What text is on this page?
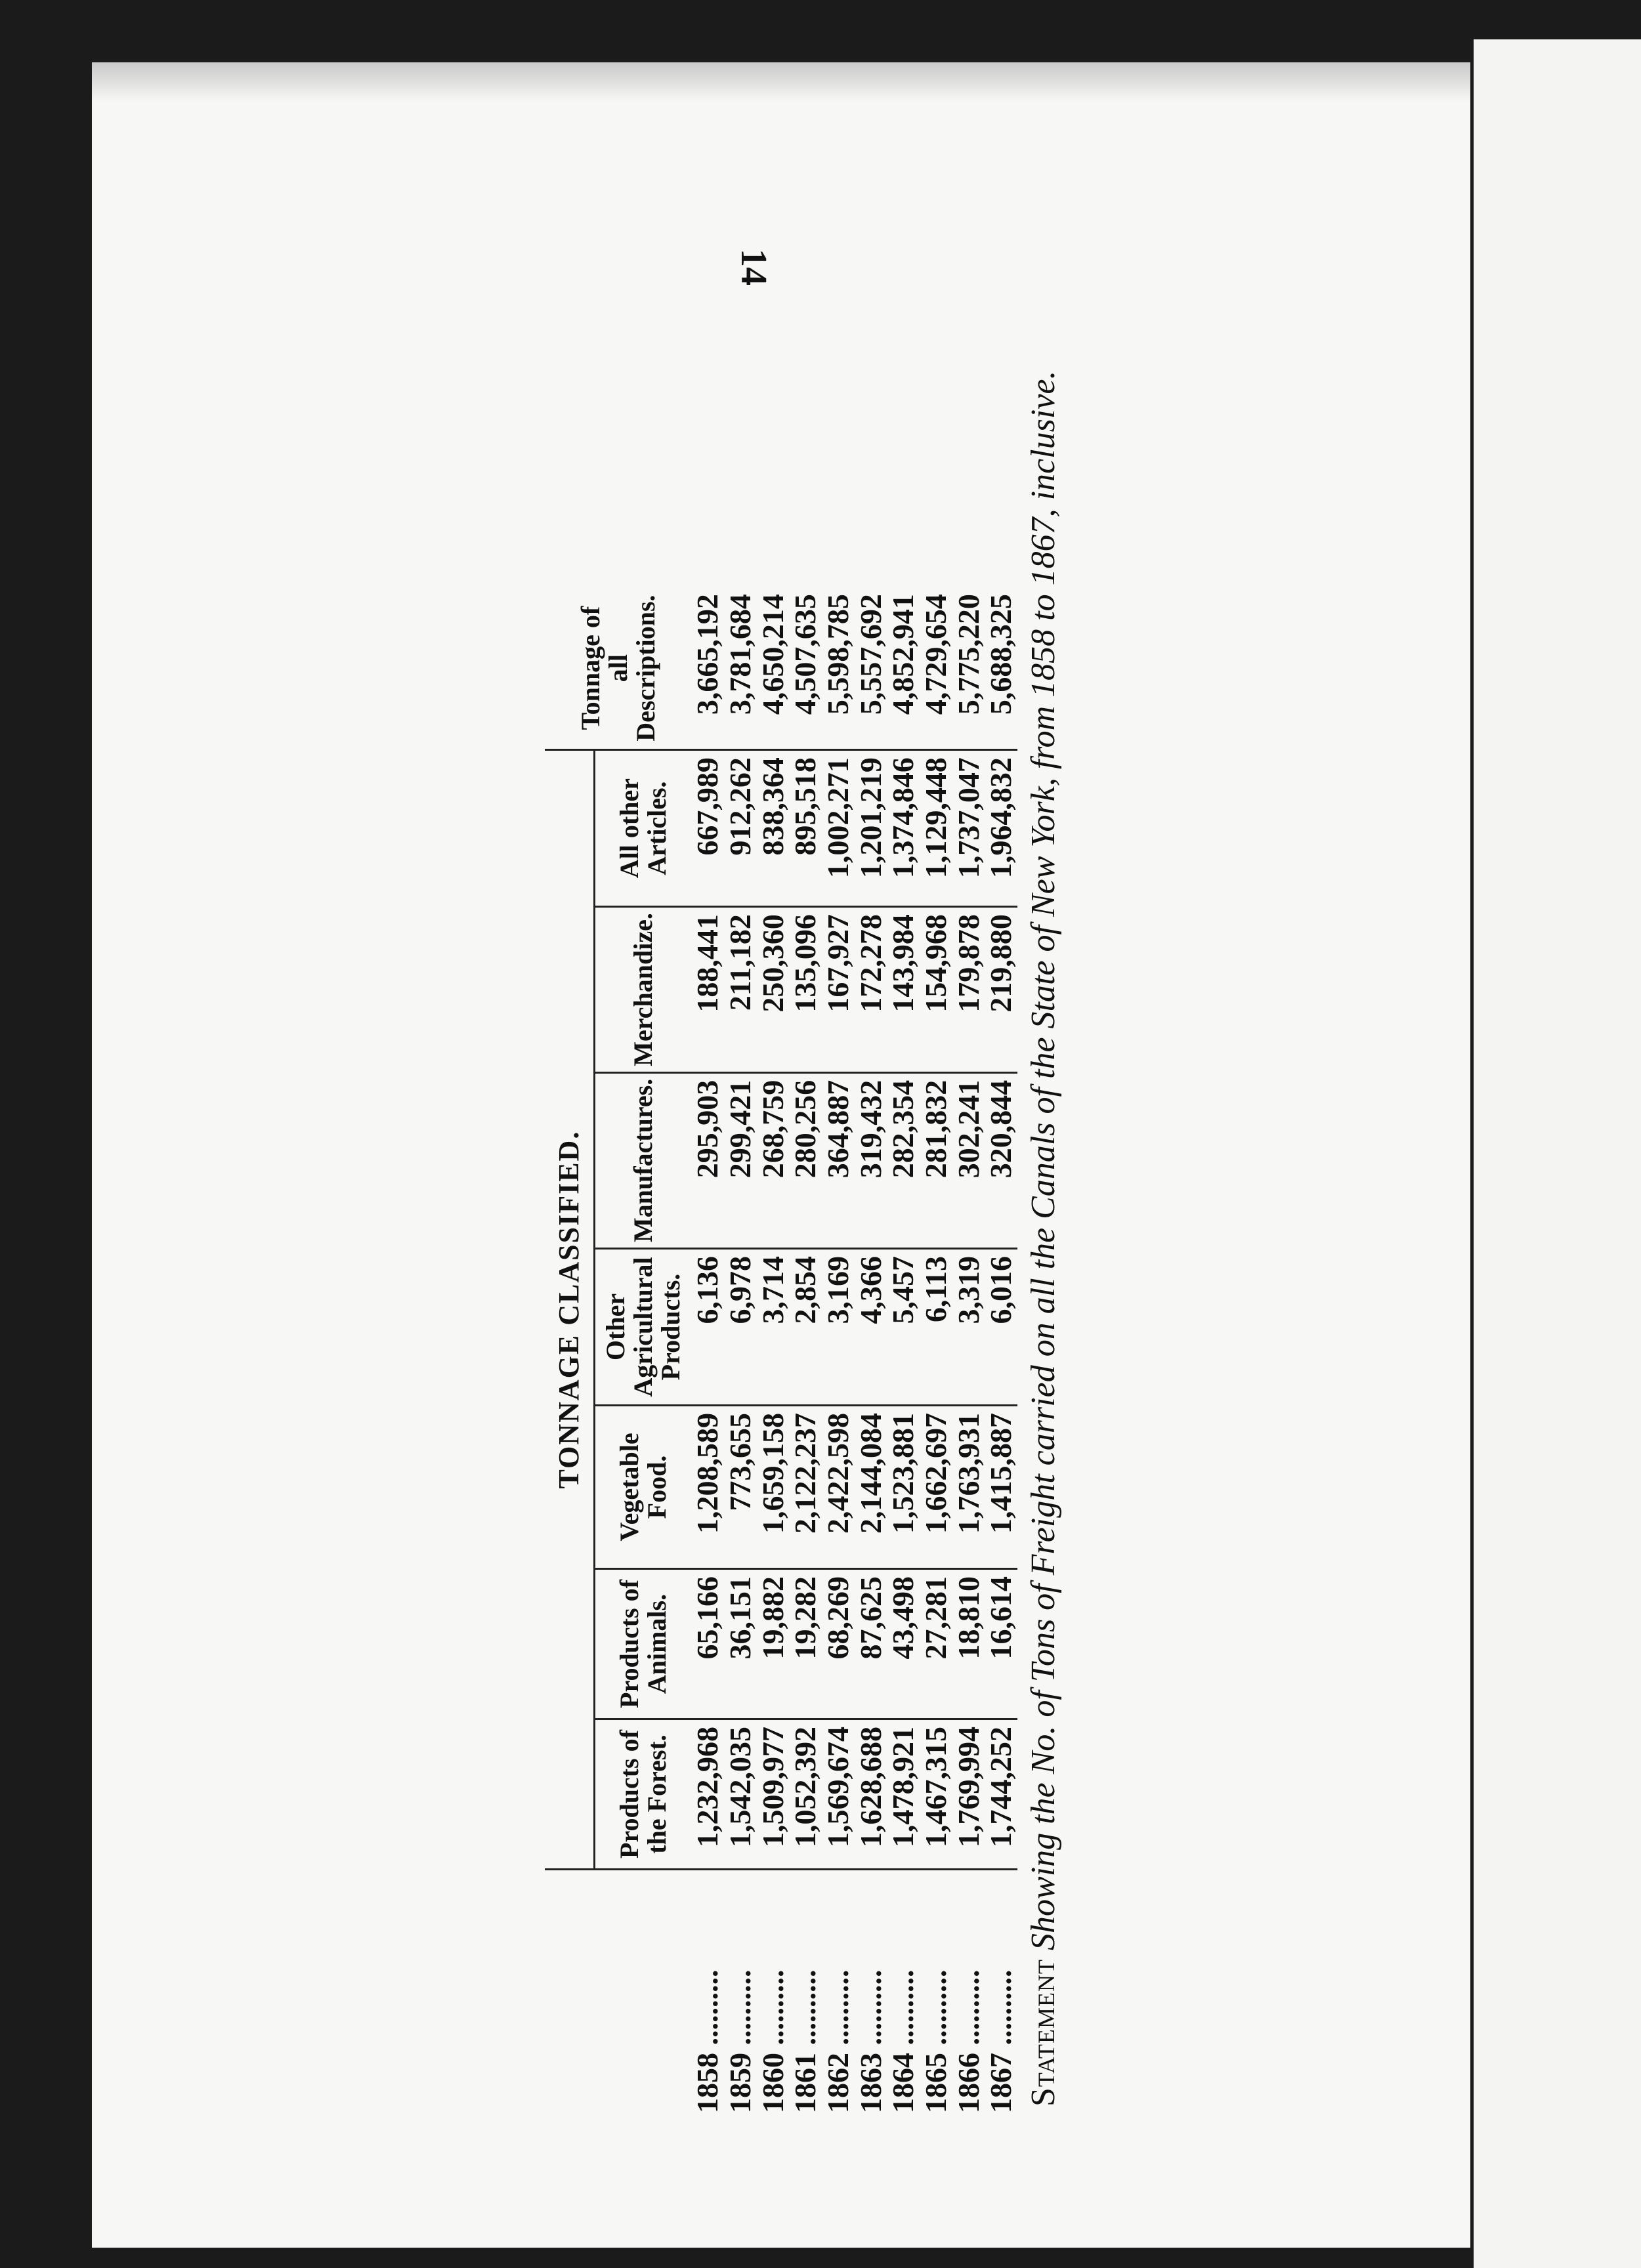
14
Statement Showing the No. of Tons of Freight carried on all the Canals of the State of New York, from 1858 to 1867, inclusive.
	TONNAGE CLASSIFIED.							Tonnage of all Descriptions.
	Products of the Forest.	Products of Animals.	Vegetable Food.	Other Agricultural Products.	Manufactures.	Merchandize.	All other Articles.	
1858 ..........	1,232,968	65,166	1,208,589	6,136	295,903	188,441	667,989	3,665,192
1859 ..........	1,542,035	36,151	773,655	6,978	299,421	211,182	912,262	3,781,684
1860 ..........	1,509,977	19,882	1,659,158	3,714	268,759	250,360	838,364	4,650,214
1861 ..........	1,052,392	19,282	2,122,237	2,854	280,256	135,096	895,518	4,507,635
1862 ..........	1,569,674	68,269	2,422,598	3,169	364,887	167,927	1,002,271	5,598,785
1863 ..........	1,628,688	87,625	2,144,084	4,366	319,432	172,278	1,201,219	5,557,692
1864 ..........	1,478,921	43,498	1,523,881	5,457	282,354	143,984	1,374,846	4,852,941
1865 ..........	1,467,315	27,281	1,662,697	6,113	281,832	154,968	1,129,448	4,729,654
1866 ..........	1,769,994	18,810	1,763,931	3,319	302,241	179,878	1,737,047	5,775,220
1867 ..........	1,744,252	16,614	1,415,887	6,016	320,844	219,880	1,964,832	5,688,325
